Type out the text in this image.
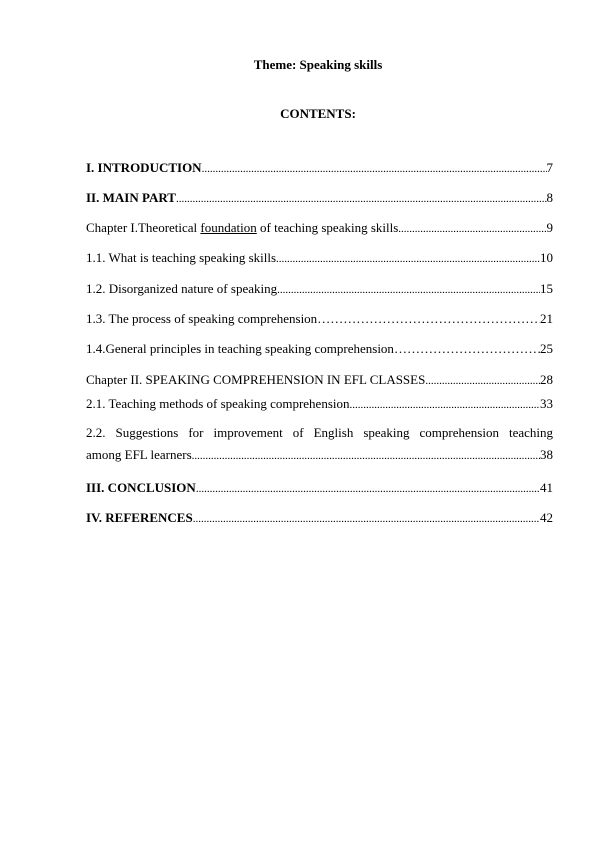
Theme: Speaking skills
CONTENTS:
I. INTRODUCTION .....	7
II. MAIN PART .....	8
Chapter I.Theoretical foundation of teaching speaking skills .....	9
1.1. What is teaching speaking skills .....	10
1.2. Disorganized nature of speaking .....	15
1.3. The process of speaking comprehension …………………………………………………………………………………………………………………………………………	21
1.4.General principles in teaching speaking comprehension …………………………………………………………………………………………………………………………………………	25
Chapter II. SPEAKING COMPREHENSION IN EFL CLASSES .....	28
2.1. Teaching methods of speaking comprehension .....	33
2.2. Suggestions for improvement of English speaking comprehension teaching
among EFL learners .....	38
III. CONCLUSION .....	41
IV. REFERENCES .....	42
